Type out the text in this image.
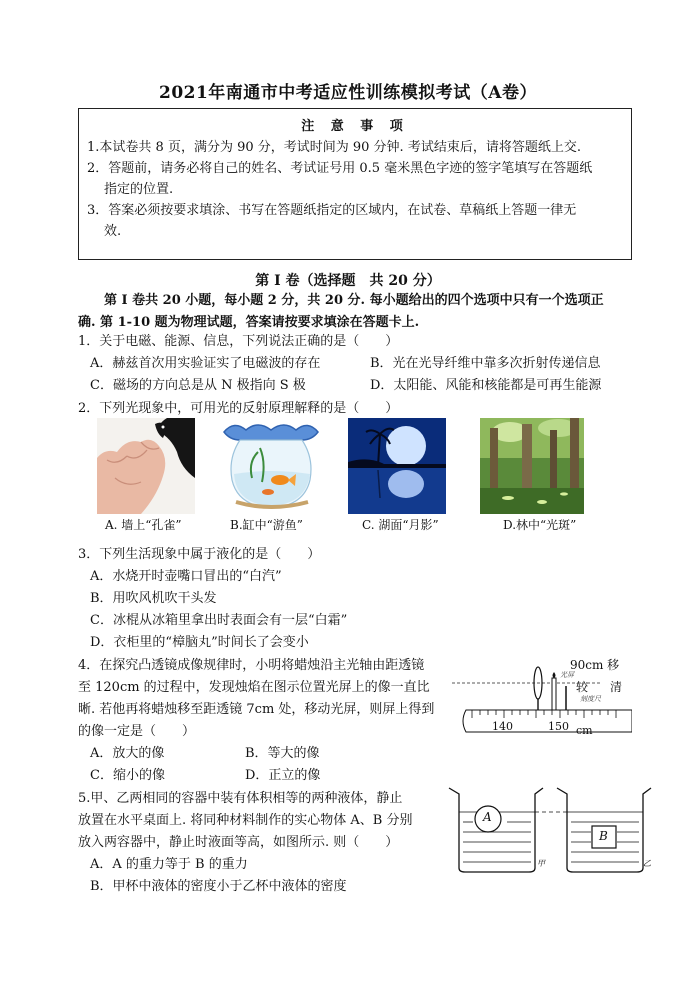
2021年南通市中考适应性训练模拟考试（A卷）
注 意 事 项
1.本试卷共 8 页，满分为 90 分，考试时间为 90 分钟. 考试结束后，请将答题纸上交.
2．答题前，请务必将自己的姓名、考试证号用 0.5 毫米黑色字迹的签字笔填写在答题纸
指定的位置.
3．答案必须按要求填涂、书写在答题纸指定的区域内，在试卷、草稿纸上答题一律无
效.
第 I 卷（选择题　共 20 分）
第 I 卷共 20 小题，每小题 2 分，共 20 分. 每小题给出的四个选项中只有一个选项正
确. 第 1-10 题为物理试题，答案请按要求填涂在答题卡上.
1．关于电磁、能源、信息，下列说法正确的是（　　）
A．赫兹首次用实验证实了电磁波的存在	B．光在光导纤维中靠多次折射传递信息
C．磁场的方向总是从 N 极指向 S 极	D．太阳能、风能和核能都是可再生能源
2．下列光现象中，可用光的反射原理解释的是（　　）
A. 墙上“孔雀”	B.缸中“游鱼”	C. 湖面“月影”	D.林中“光斑”
3．下列生活现象中属于液化的是（　　）
A．水烧开时壶嘴口冒出的“白汽”
B．用吹风机吹干头发
C．冰棍从冰箱里拿出时表面会有一层“白霜”
D．衣柜里的“樟脑丸”时间长了会变小
4．在探究凸透镜成像规律时，小明将蜡烛沿主光轴由距透镜
至 120cm 的过程中，发现烛焰在图示位置光屏上的像一直比
晰. 若他再将蜡烛移至距透镜 7cm 处，移动光屏，则屏上得到
的像一定是（　　）
A．放大的像	B．等大的像
C．缩小的像	D．正立的像
90cm 移
较 清
光屏
刻度尺
140	150 cm
5.甲、乙两相同的容器中装有体积相等的两种液体，静止
放置在水平桌面上. 将同种材料制作的实心物体 A、B 分别
放入两容器中，静止时液面等高，如图所示. 则（　　）
A．A 的重力等于 B 的重力
B．甲杯中液体的密度小于乙杯中液体的密度
A
B
甲	乙
